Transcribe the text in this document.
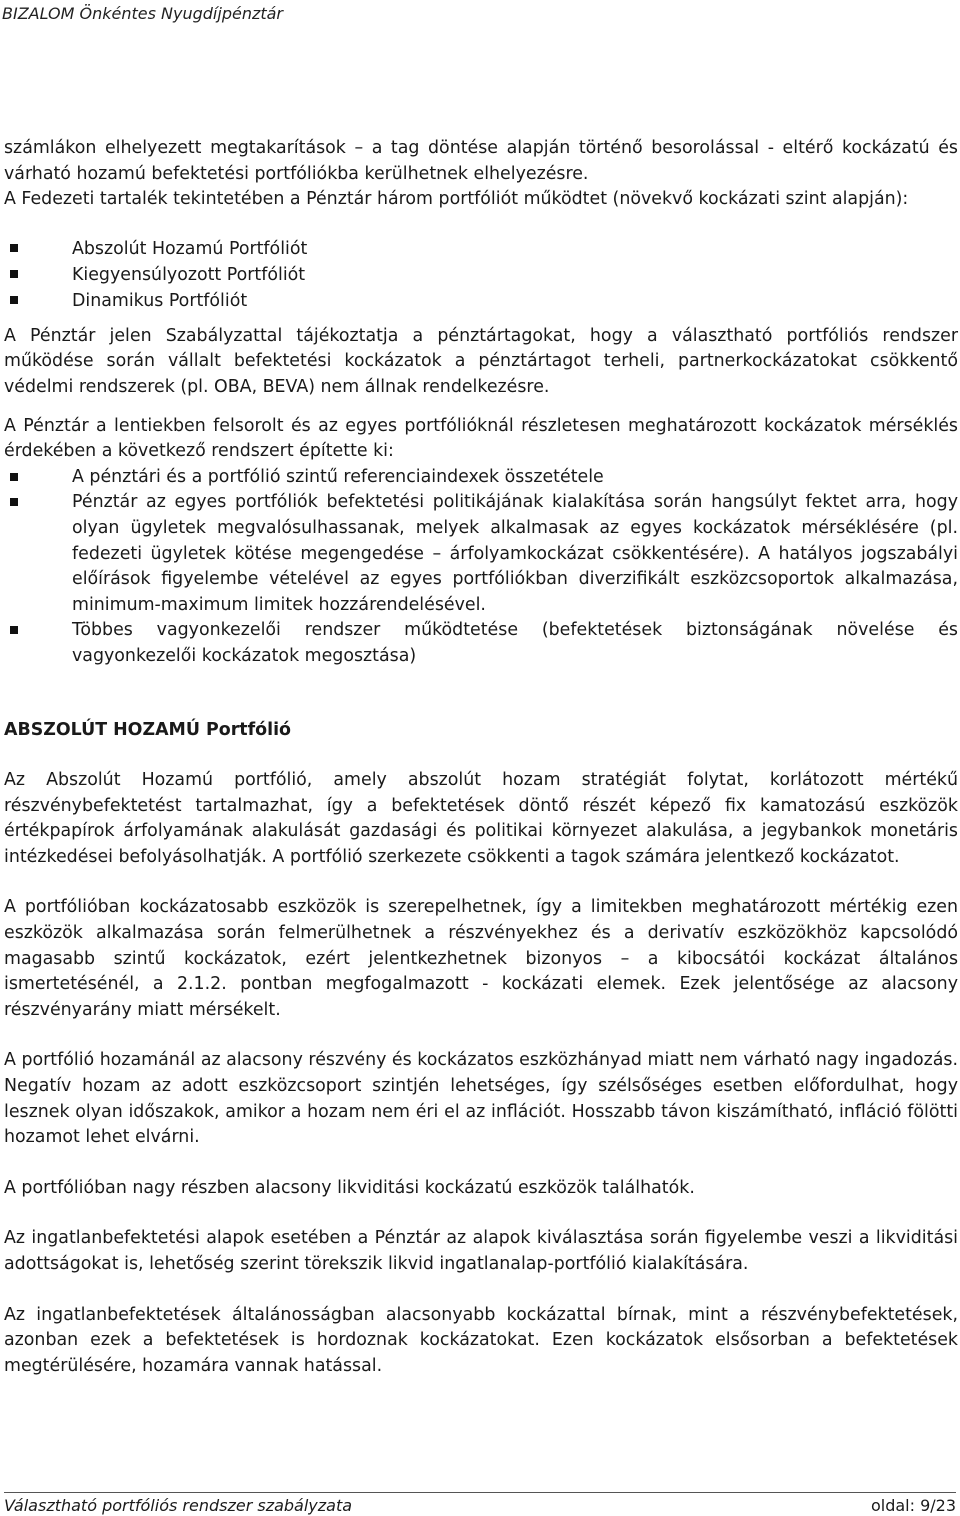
BIZALOM Önkéntes Nyugdíjpénztár

számlákon elhelyezett megtakarítások – a tag döntése alapján történő besorolással - eltérő kockázatú és várható hozamú befektetési portfóliókba kerülhetnek elhelyezésre.

A Fedezeti tartalék tekintetében a Pénztár három portfóliót működtet (növekvő kockázati szint alapján):

Abszolút Hozamú Portfóliót
Kiegyensúlyozott Portfóliót
Dinamikus Portfóliót

A Pénztár jelen Szabályzattal tájékoztatja a pénztártagokat, hogy a választható portfóliós rendszer működése során vállalt befektetési kockázatok a pénztártagot terheli, partnerkockázatokat csökkentő védelmi rendszerek (pl. OBA, BEVA) nem állnak rendelkezésre.

A Pénztár a lentiekben felsorolt és az egyes portfólióknál részletesen meghatározott kockázatok mérséklés érdekében a következő rendszert építette ki:

A pénztári és a portfólió szintű referenciaindexek összetétele
Pénztár az egyes portfóliók befektetési politikájának kialakítása során hangsúlyt fektet arra, hogy olyan ügyletek megvalósulhassanak, melyek alkalmasak az egyes kockázatok mérséklésére (pl. fedezeti ügyletek kötése megengedése – árfolyamkockázat csökkentésére). A hatályos jogszabályi előírások figyelembe vételével az egyes portfóliókban diverzifikált eszközcsoportok alkalmazása, minimum-maximum limitek hozzárendelésével.
Többes vagyonkezelői rendszer működtetése (befektetések biztonságának növelése és vagyonkezelői kockázatok megosztása)

ABSZOLÚT HOZAMÚ Portfólió

Az Abszolút Hozamú portfólió, amely abszolút hozam stratégiát folytat, korlátozott mértékű részvénybefektetést tartalmazhat, így a befektetések döntő részét képező fix kamatozású eszközök értékpapírok árfolyamának alakulását gazdasági és politikai környezet alakulása, a jegybankok monetáris intézkedései befolyásolhatják. A portfólió szerkezete csökkenti a tagok számára jelentkező kockázatot.

A portfólióban kockázatosabb eszközök is szerepelhetnek, így a limitekben meghatározott mértékig ezen eszközök alkalmazása során felmerülhetnek a részvényekhez és a derivatív eszközökhöz kapcsolódó magasabb szintű kockázatok, ezért jelentkezhetnek bizonyos – a kibocsátói kockázat általános ismertetésénél, a 2.1.2. pontban megfogalmazott - kockázati elemek. Ezek jelentősége az alacsony részvényarány miatt mérsékelt.

A portfólió hozamánál az alacsony részvény és kockázatos eszközhányad miatt nem várható nagy ingadozás. Negatív hozam az adott eszközcsoport szintjén lehetséges, így szélsőséges esetben előfordulhat, hogy lesznek olyan időszakok, amikor a hozam nem éri el az inflációt. Hosszabb távon kiszámítható, infláció fölötti hozamot lehet elvárni.

A portfólióban nagy részben alacsony likviditási kockázatú eszközök találhatók.

Az ingatlanbefektetési alapok esetében a Pénztár az alapok kiválasztása során figyelembe veszi a likviditási adottságokat is, lehetőség szerint törekszik likvid ingatlanalap-portfólió kialakítására.

Az ingatlanbefektetések általánosságban alacsonyabb kockázattal bírnak, mint a részvénybefektetések, azonban ezek a befektetések is hordoznak kockázatokat. Ezen kockázatok elsősorban a befektetések megtérülésére, hozamára vannak hatással.

Választható portfóliós rendszer szabályzata	oldal: 9/23
